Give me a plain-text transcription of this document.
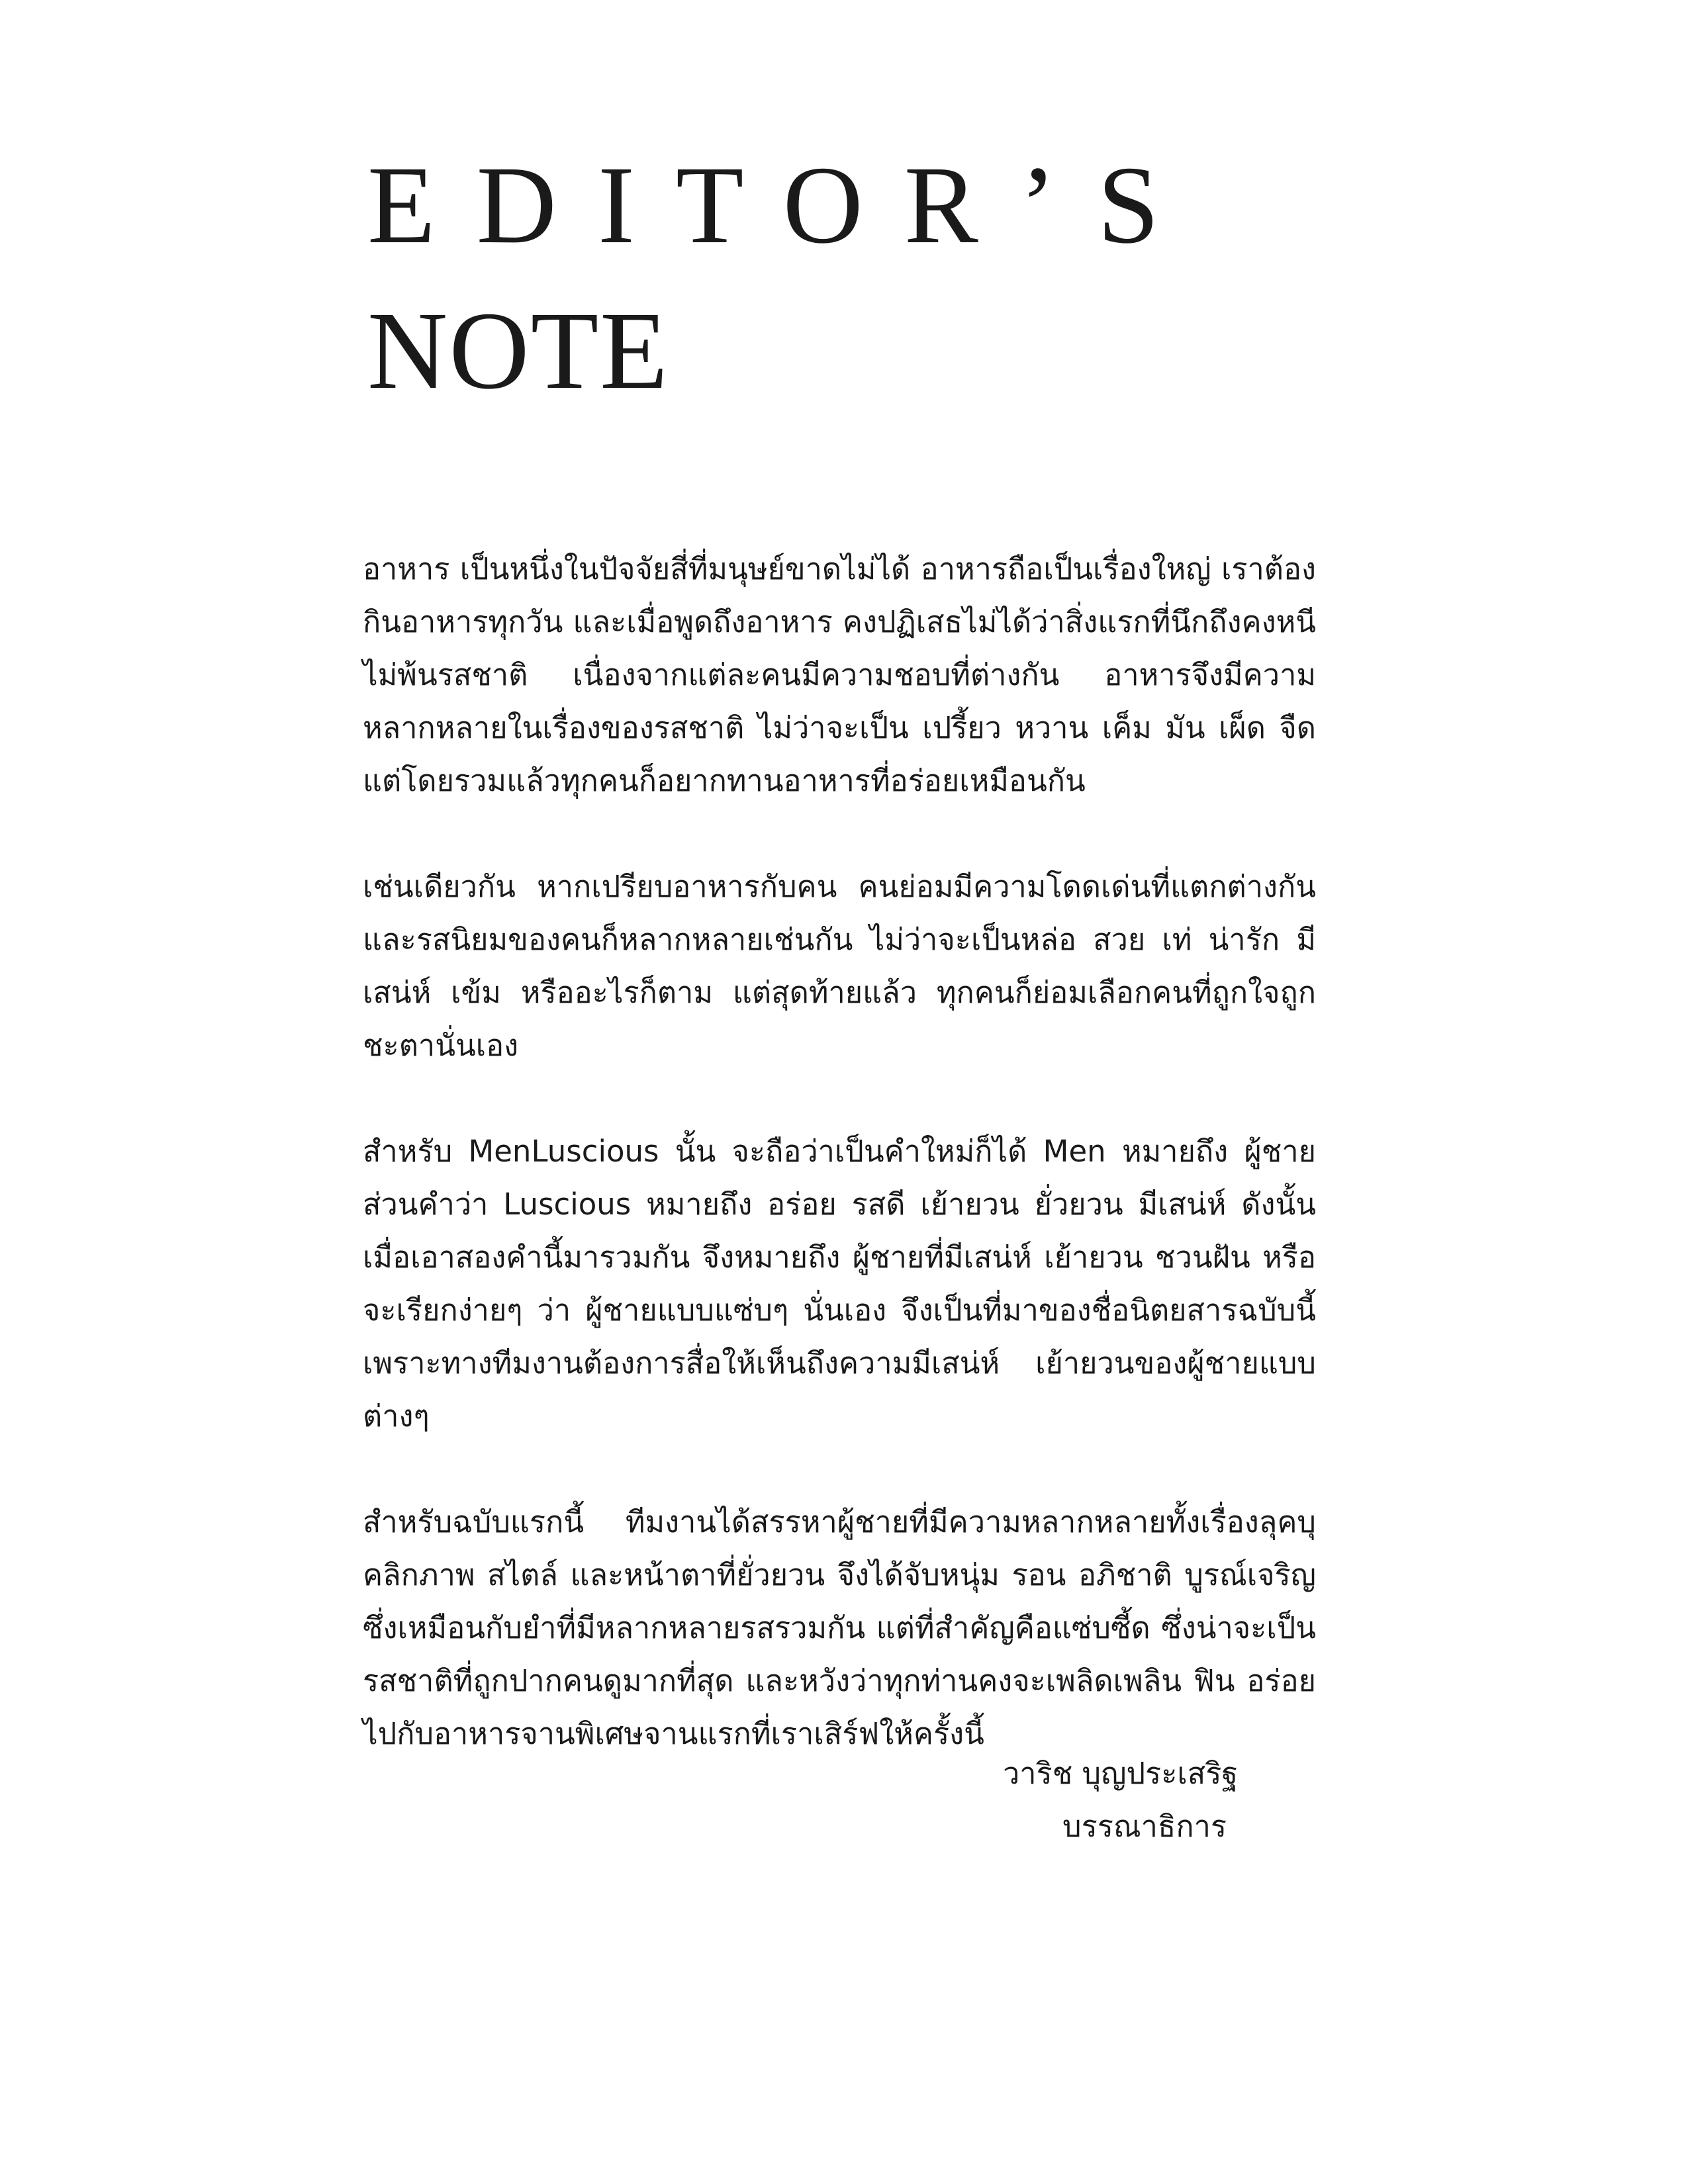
EDITOR’S
NOTE

อาหาร เป็นหนึ่งในปัจจัยสี่ที่มนุษย์ขาดไม่ได้ อาหารถือเป็นเรื่องใหญ่ เราต้องกินอาหารทุกวัน และเมื่อพูดถึงอาหาร คงปฏิเสธไม่ได้ว่าสิ่งแรกที่นึกถึงคงหนีไม่พ้นรสชาติ เนื่องจากแต่ละคนมีความชอบที่ต่างกัน อาหารจึงมีความหลากหลายในเรื่องของรสชาติ ไม่ว่าจะเป็น เปรี้ยว หวาน เค็ม มัน เผ็ด จืด แต่โดยรวมแล้วทุกคนก็อยากทานอาหารที่อร่อยเหมือนกัน

เช่นเดียวกัน หากเปรียบอาหารกับคน คนย่อมมีความโดดเด่นที่แตกต่างกัน และรสนิยมของคนก็หลากหลายเช่นกัน ไม่ว่าจะเป็นหล่อ สวย เท่ น่ารัก มีเสน่ห์ เข้ม หรืออะไรก็ตาม แต่สุดท้ายแล้ว ทุกคนก็ย่อมเลือกคนที่ถูกใจถูกชะตานั่นเอง

สำหรับ MenLuscious นั้น จะถือว่าเป็นคำใหม่ก็ได้ Men หมายถึง ผู้ชาย ส่วนคำว่า Luscious หมายถึง อร่อย รสดี เย้ายวน ยั่วยวน มีเสน่ห์ ดังนั้น เมื่อเอาสองคำนี้มารวมกัน จึงหมายถึง ผู้ชายที่มีเสน่ห์ เย้ายวน ชวนฝัน หรือจะเรียกง่ายๆ ว่า ผู้ชายแบบแซ่บๆ นั่นเอง จึงเป็นที่มาของชื่อนิตยสารฉบับนี้ เพราะทางทีมงานต้องการสื่อให้เห็นถึงความมีเสน่ห์ เย้ายวนของผู้ชายแบบต่างๆ

สำหรับฉบับแรกนี้ ทีมงานได้สรรหาผู้ชายที่มีความหลากหลายทั้งเรื่องลุคบุคลิกภาพ สไตล์ และหน้าตาที่ยั่วยวน จึงได้จับหนุ่ม รอน อภิชาติ บูรณ์เจริญ ซึ่งเหมือนกับยำที่มีหลากหลายรสรวมกัน แต่ที่สำคัญคือแซ่บซี้ด ซึ่งน่าจะเป็นรสชาติที่ถูกปากคนดูมากที่สุด และหวังว่าทุกท่านคงจะเพลิดเพลิน ฟิน อร่อยไปกับอาหารจานพิเศษจานแรกที่เราเสิร์ฟให้ครั้งนี้

วาริช บุญประเสริฐ
บรรณาธิการ
